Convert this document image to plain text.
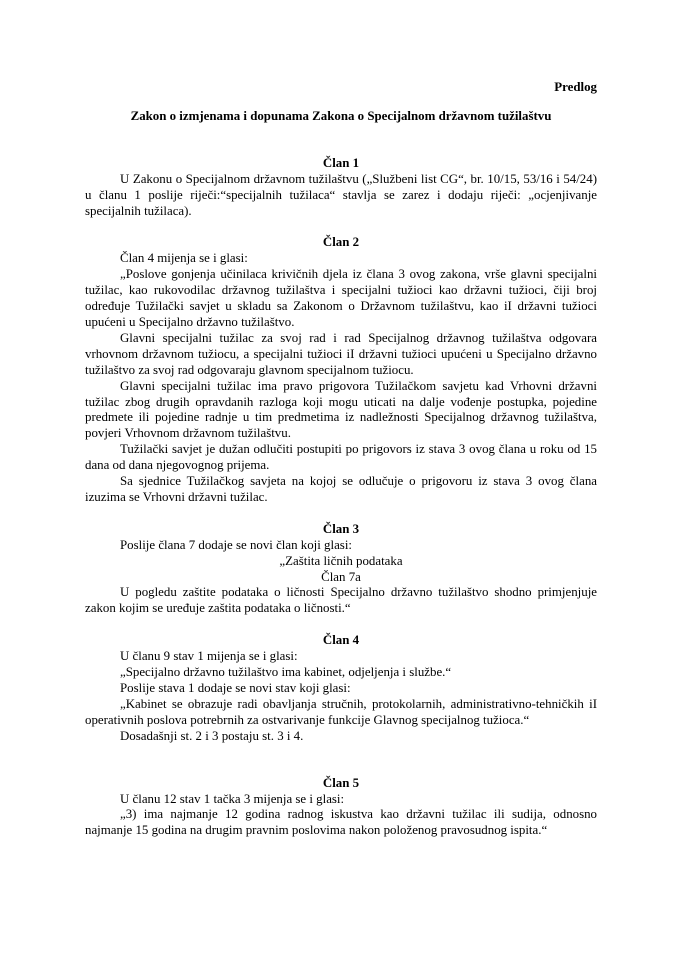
Predlog

Zakon o izmjenama i dopunama Zakona o Specijalnom državnom tužilaštvu

Član 1

U Zakonu o Specijalnom državnom tužilaštvu („Službeni list CG“, br. 10/15, 53/16 i 54/24) u članu 1 poslije riječi:“specijalnih tužilaca“ stavlja se zarez i dodaju riječi: „ocjenjivanje specijalnih tužilaca).

Član 2

Član 4 mijenja se i glasi:

„Poslove gonjenja učinilaca krivičnih djela iz člana 3 ovog zakona, vrše glavni specijalni tužilac, kao rukovodilac državnog tužilaštva i specijalni tužioci kao državni tužioci, čiji broj određuje Tužilački savjet u skladu sa Zakonom o Državnom tužilaštvu, kao iI državni tužioci upućeni u Specijalno državno tužilaštvo.

Glavni specijalni tužilac za svoj rad i rad Specijalnog državnog tužilaštva odgovara vrhovnom državnom tužiocu, a specijalni tužioci iI državni tužioci upućeni u Specijalno državno tužilaštvo za svoj rad odgovaraju glavnom specijalnom tužiocu.

Glavni specijalni tužilac ima pravo prigovora Tužilačkom savjetu kad Vrhovni državni tužilac zbog drugih opravdanih razloga koji mogu uticati na dalje vođenje postupka, pojedine predmete ili pojedine radnje u tim predmetima iz nadležnosti Specijalnog državnog tužilaštva, povjeri Vrhovnom državnom tužilaštvu.

Tužilački savjet je dužan odlučiti postupiti po prigovors iz stava 3 ovog člana u roku od 15 dana od dana njegovognog prijema.

Sa sjednice Tužilačkog savjeta na kojoj se odlučuje o prigovoru iz stava 3 ovog člana izuzima se Vrhovni državni tužilac.

Član 3

Poslije člana 7 dodaje se novi član koji glasi:

„Zaštita ličnih podataka

Član 7a

U pogledu zaštite podataka o ličnosti Specijalno državno tužilaštvo shodno primjenjuje zakon kojim se uređuje zaštita podataka o ličnosti.“

Član 4

U članu 9 stav 1 mijenja se i glasi:

„Specijalno državno tužilaštvo ima kabinet, odjeljenja i službe.“

Poslije stava 1 dodaje se novi stav koji glasi:

„Kabinet se obrazuje radi obavljanja stručnih, protokolarnih, administrativno-tehničkih iI operativnih poslova potrebrnih za ostvarivanje funkcije Glavnog specijalnog tužioca.“

Dosadašnji st. 2 i 3 postaju st. 3 i 4.

Član 5

U članu 12 stav 1 tačka 3 mijenja se i glasi:

„3) ima najmanje 12 godina radnog iskustva kao državni tužilac ili sudija, odnosno najmanje 15 godina na drugim pravnim poslovima nakon položenog pravosudnog ispita.“
